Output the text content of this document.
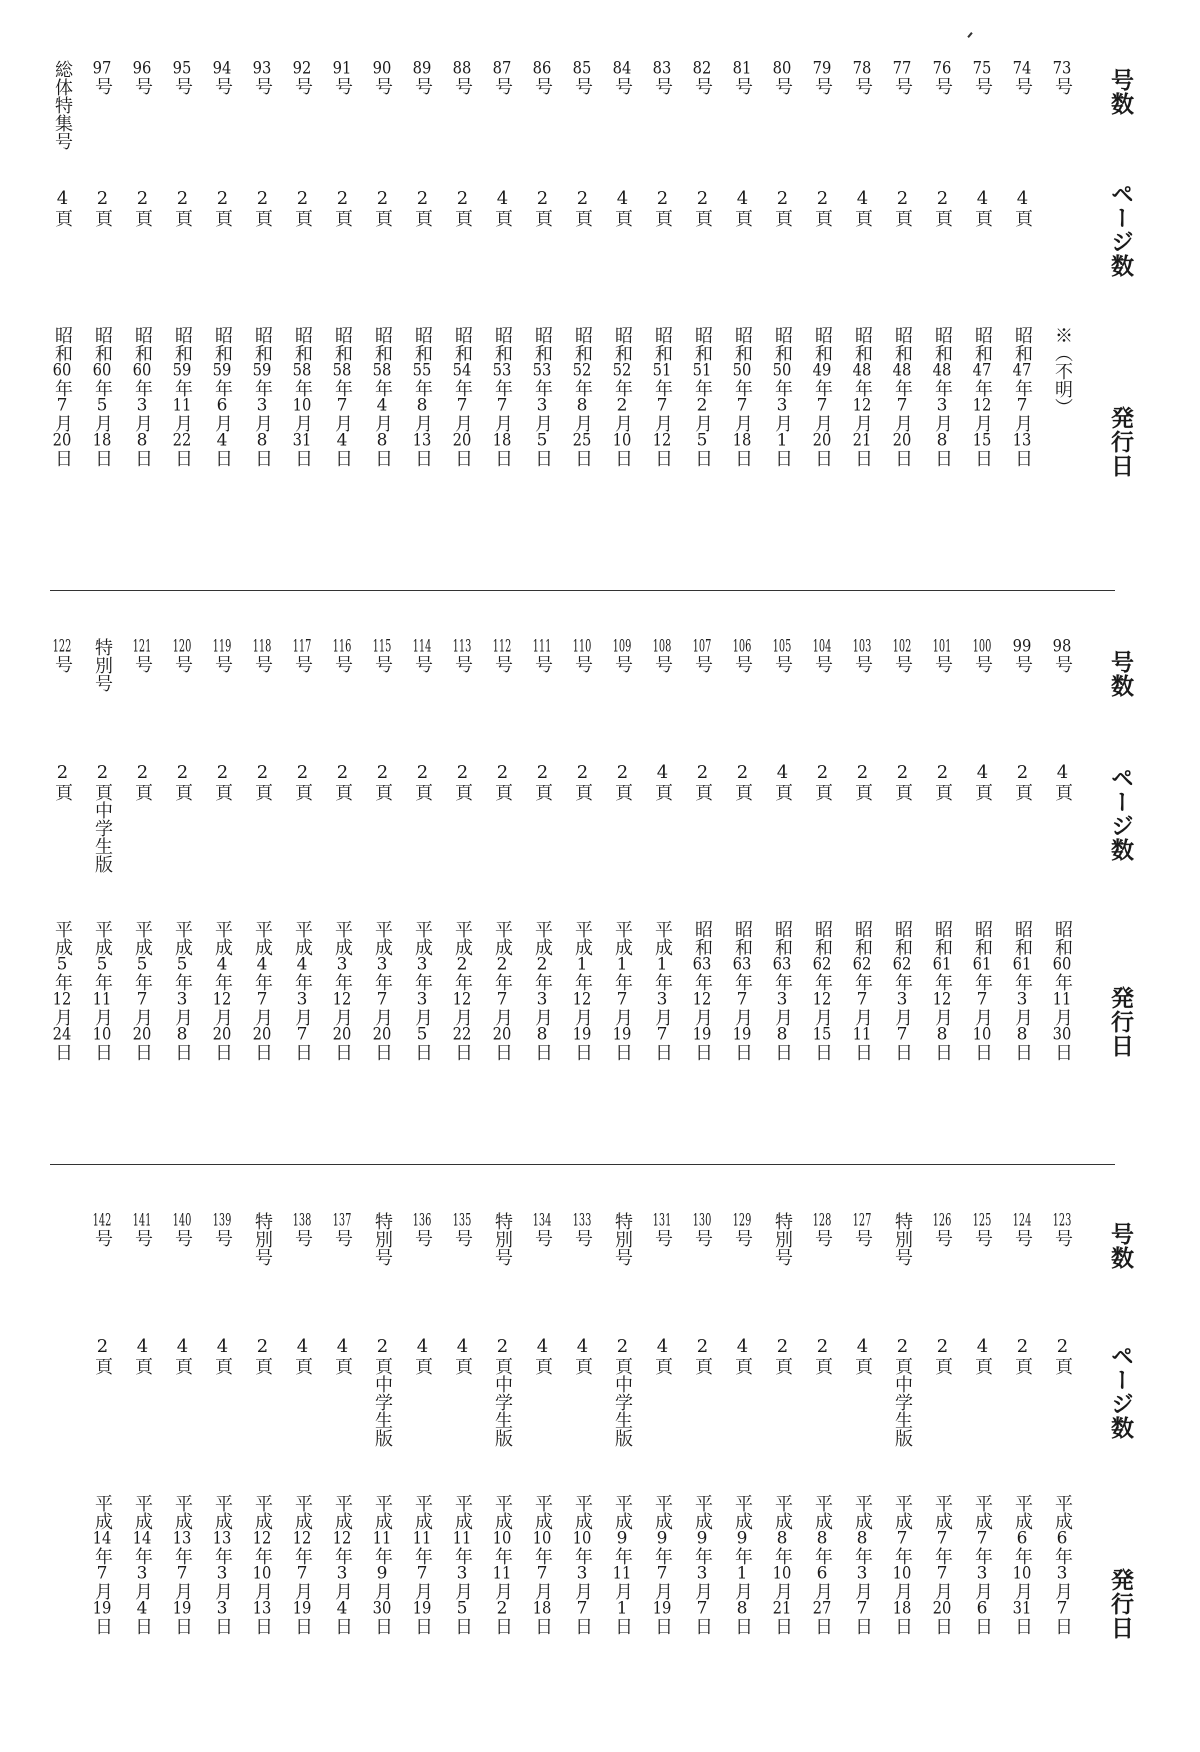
号数
ページ数
発行日
73号
※（不明）
74号
4頁
昭和47年7月13日
75号
4頁
昭和47年12月15日
76号
2頁
昭和48年3月8日
77号
2頁
昭和48年7月20日
78号
4頁
昭和48年12月21日
79号
2頁
昭和49年7月20日
80号
2頁
昭和50年3月1日
81号
4頁
昭和50年7月18日
82号
2頁
昭和51年2月5日
83号
2頁
昭和51年7月12日
84号
4頁
昭和52年2月10日
85号
2頁
昭和52年8月25日
86号
2頁
昭和53年3月5日
87号
4頁
昭和53年7月18日
88号
2頁
昭和54年7月20日
89号
2頁
昭和55年8月13日
90号
2頁
昭和58年4月8日
91号
2頁
昭和58年7月4日
92号
2頁
昭和58年10月31日
93号
2頁
昭和59年3月8日
94号
2頁
昭和59年6月4日
95号
2頁
昭和59年11月22日
96号
2頁
昭和60年3月8日
97号
2頁
昭和60年5月18日
総体特集号
4頁
昭和60年7月20日
号数
ページ数
発行日
98号
4頁
昭和60年11月30日
99号
2頁
昭和61年3月8日
100号
4頁
昭和61年7月10日
101号
2頁
昭和61年12月8日
102号
2頁
昭和62年3月7日
103号
2頁
昭和62年7月11日
104号
2頁
昭和62年12月15日
105号
4頁
昭和63年3月8日
106号
2頁
昭和63年7月19日
107号
2頁
昭和63年12月19日
108号
4頁
平成1年3月7日
109号
2頁
平成1年7月19日
110号
2頁
平成1年12月19日
111号
2頁
平成2年3月8日
112号
2頁
平成2年7月20日
113号
2頁
平成2年12月22日
114号
2頁
平成3年3月5日
115号
2頁
平成3年7月20日
116号
2頁
平成3年12月20日
117号
2頁
平成4年3月7日
118号
2頁
平成4年7月20日
119号
2頁
平成4年12月20日
120号
2頁
平成5年3月8日
121号
2頁
平成5年7月20日
特別号
2頁中学生版
平成5年11月10日
122号
2頁
平成5年12月24日
号数
ページ数
発行日
123号
2頁
平成6年3月7日
124号
2頁
平成6年10月31日
125号
4頁
平成7年3月6日
126号
2頁
平成7年7月20日
特別号
2頁中学生版
平成7年10月18日
127号
4頁
平成8年3月7日
128号
2頁
平成8年6月27日
特別号
2頁
平成8年10月21日
129号
4頁
平成9年1月8日
130号
2頁
平成9年3月7日
131号
4頁
平成9年7月19日
特別号
2頁中学生版
平成9年11月1日
133号
4頁
平成10年3月7日
134号
4頁
平成10年7月18日
特別号
2頁中学生版
平成10年11月2日
135号
4頁
平成11年3月5日
136号
4頁
平成11年7月19日
特別号
2頁中学生版
平成11年9月30日
137号
4頁
平成12年3月4日
138号
4頁
平成12年7月19日
特別号
2頁
平成12年10月13日
139号
4頁
平成13年3月3日
140号
4頁
平成13年7月19日
141号
4頁
平成14年3月4日
142号
2頁
平成14年7月19日
